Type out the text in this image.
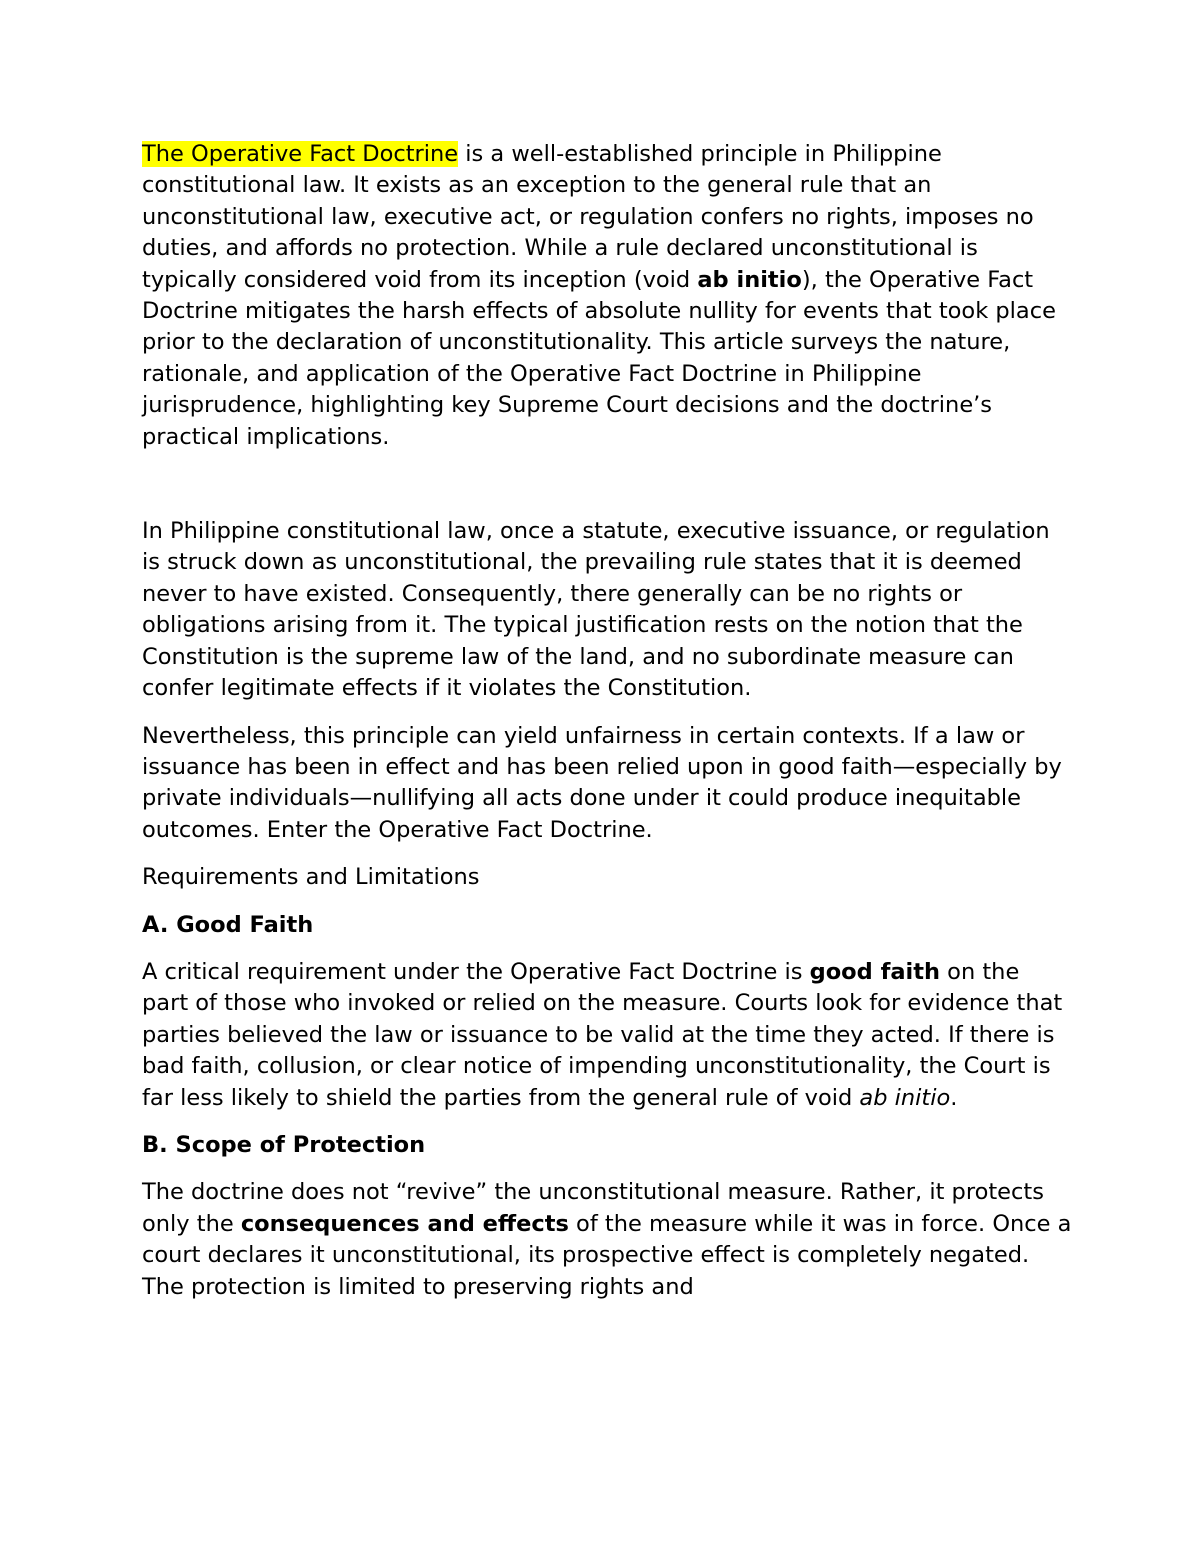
The Operative Fact Doctrine is a well-established principle in Philippine constitutional law. It exists as an exception to the general rule that an unconstitutional law, executive act, or regulation confers no rights, imposes no duties, and affords no protection. While a rule declared unconstitutional is typically considered void from its inception (void ab initio), the Operative Fact Doctrine mitigates the harsh effects of absolute nullity for events that took place prior to the declaration of unconstitutionality. This article surveys the nature, rationale, and application of the Operative Fact Doctrine in Philippine jurisprudence, highlighting key Supreme Court decisions and the doctrine’s practical implications.

In Philippine constitutional law, once a statute, executive issuance, or regulation is struck down as unconstitutional, the prevailing rule states that it is deemed never to have existed. Consequently, there generally can be no rights or obligations arising from it. The typical justification rests on the notion that the Constitution is the supreme law of the land, and no subordinate measure can confer legitimate effects if it violates the Constitution.

Nevertheless, this principle can yield unfairness in certain contexts. If a law or issuance has been in effect and has been relied upon in good faith—especially by private individuals—nullifying all acts done under it could produce inequitable outcomes. Enter the Operative Fact Doctrine.

Requirements and Limitations

A. Good Faith

A critical requirement under the Operative Fact Doctrine is good faith on the part of those who invoked or relied on the measure. Courts look for evidence that parties believed the law or issuance to be valid at the time they acted. If there is bad faith, collusion, or clear notice of impending unconstitutionality, the Court is far less likely to shield the parties from the general rule of void ab initio.

B. Scope of Protection

The doctrine does not “revive” the unconstitutional measure. Rather, it protects only the consequences and effects of the measure while it was in force. Once a court declares it unconstitutional, its prospective effect is completely negated. The protection is limited to preserving rights and
